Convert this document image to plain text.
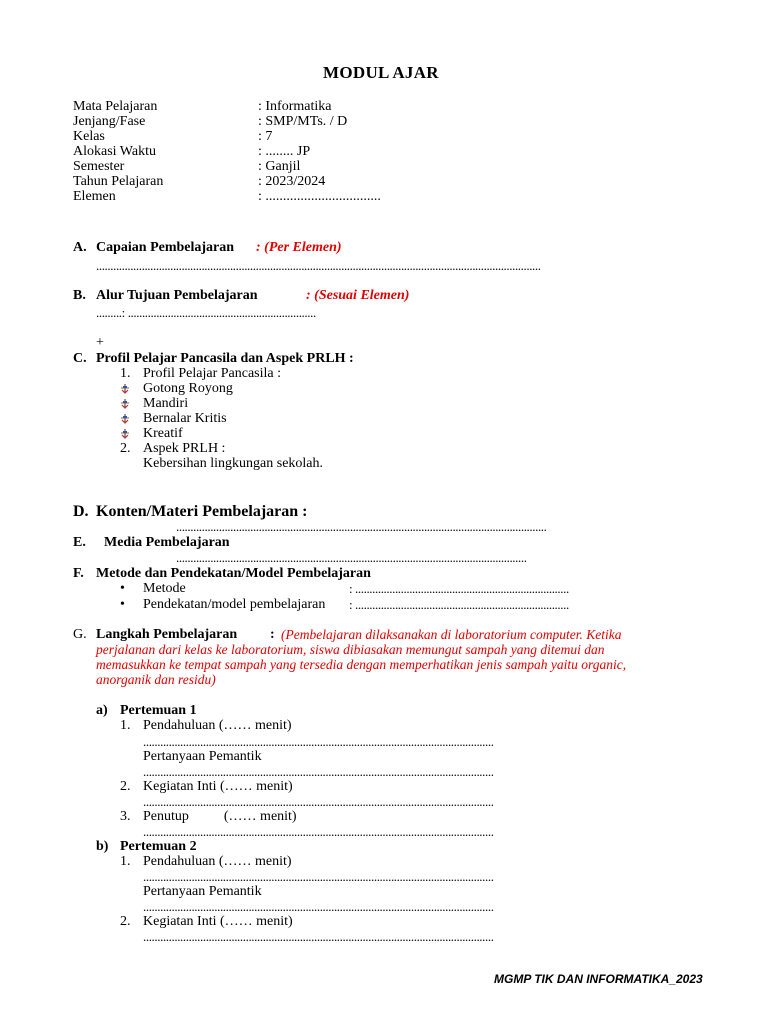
MODUL AJAR
Mata Pelajaran	: Informatika
Jenjang/Fase	: SMP/MTs. / D
Kelas	: 7
Alokasi Waktu	: ........ JP
Semester	: Ganjil
Tahun Pelajaran	: 2023/2024
Elemen	: .................................
A. Capaian Pembelajaran : (Per Elemen)
............................................................................................................................................................
B. Alur Tujuan Pembelajaran	: (Sesuai Elemen)
.........: ..................................................................
+
C. Profil Pelajar Pancasila dan Aspek PRLH :
1. Profil Pelajar Pancasila :
Gotong Royong
Mandiri
Bernalar Kritis
Kreatif
2. Aspek PRLH :
Kebersihan lingkungan sekolah.
D. Konten/Materi Pembelajaran :
..................................................................................................................................
E. Media Pembelajaran
...........................................................................................................................
F. Metode dan Pendekatan/Model Pembelajaran
• Metode	: ...........................................................................
• Pendekatan/model pembelajaran : ...........................................................................
G. Langkah Pembelajaran : (Pembelajaran dilaksanakan di laboratorium computer. Ketika
perjalanan dari kelas ke laboratorium, siswa dibiasakan memungut sampah yang ditemui dan
memasukkan ke tempat sampah yang tersedia dengan memperhatikan jenis sampah yaitu organic,
anorganik dan residu)
a) Pertemuan 1
1. Pendahuluan (…… menit)
...........................................................................................................................
Pertanyaan Pemantik
...........................................................................................................................
2. Kegiatan Inti (…… menit)
...........................................................................................................................
3. Penutup          (…… menit)
...........................................................................................................................
b) Pertemuan 2
1. Pendahuluan (…… menit)
...........................................................................................................................
Pertanyaan Pemantik
...........................................................................................................................
2. Kegiatan Inti (…… menit)
...........................................................................................................................
MGMP TIK DAN INFORMATIKA_2023
